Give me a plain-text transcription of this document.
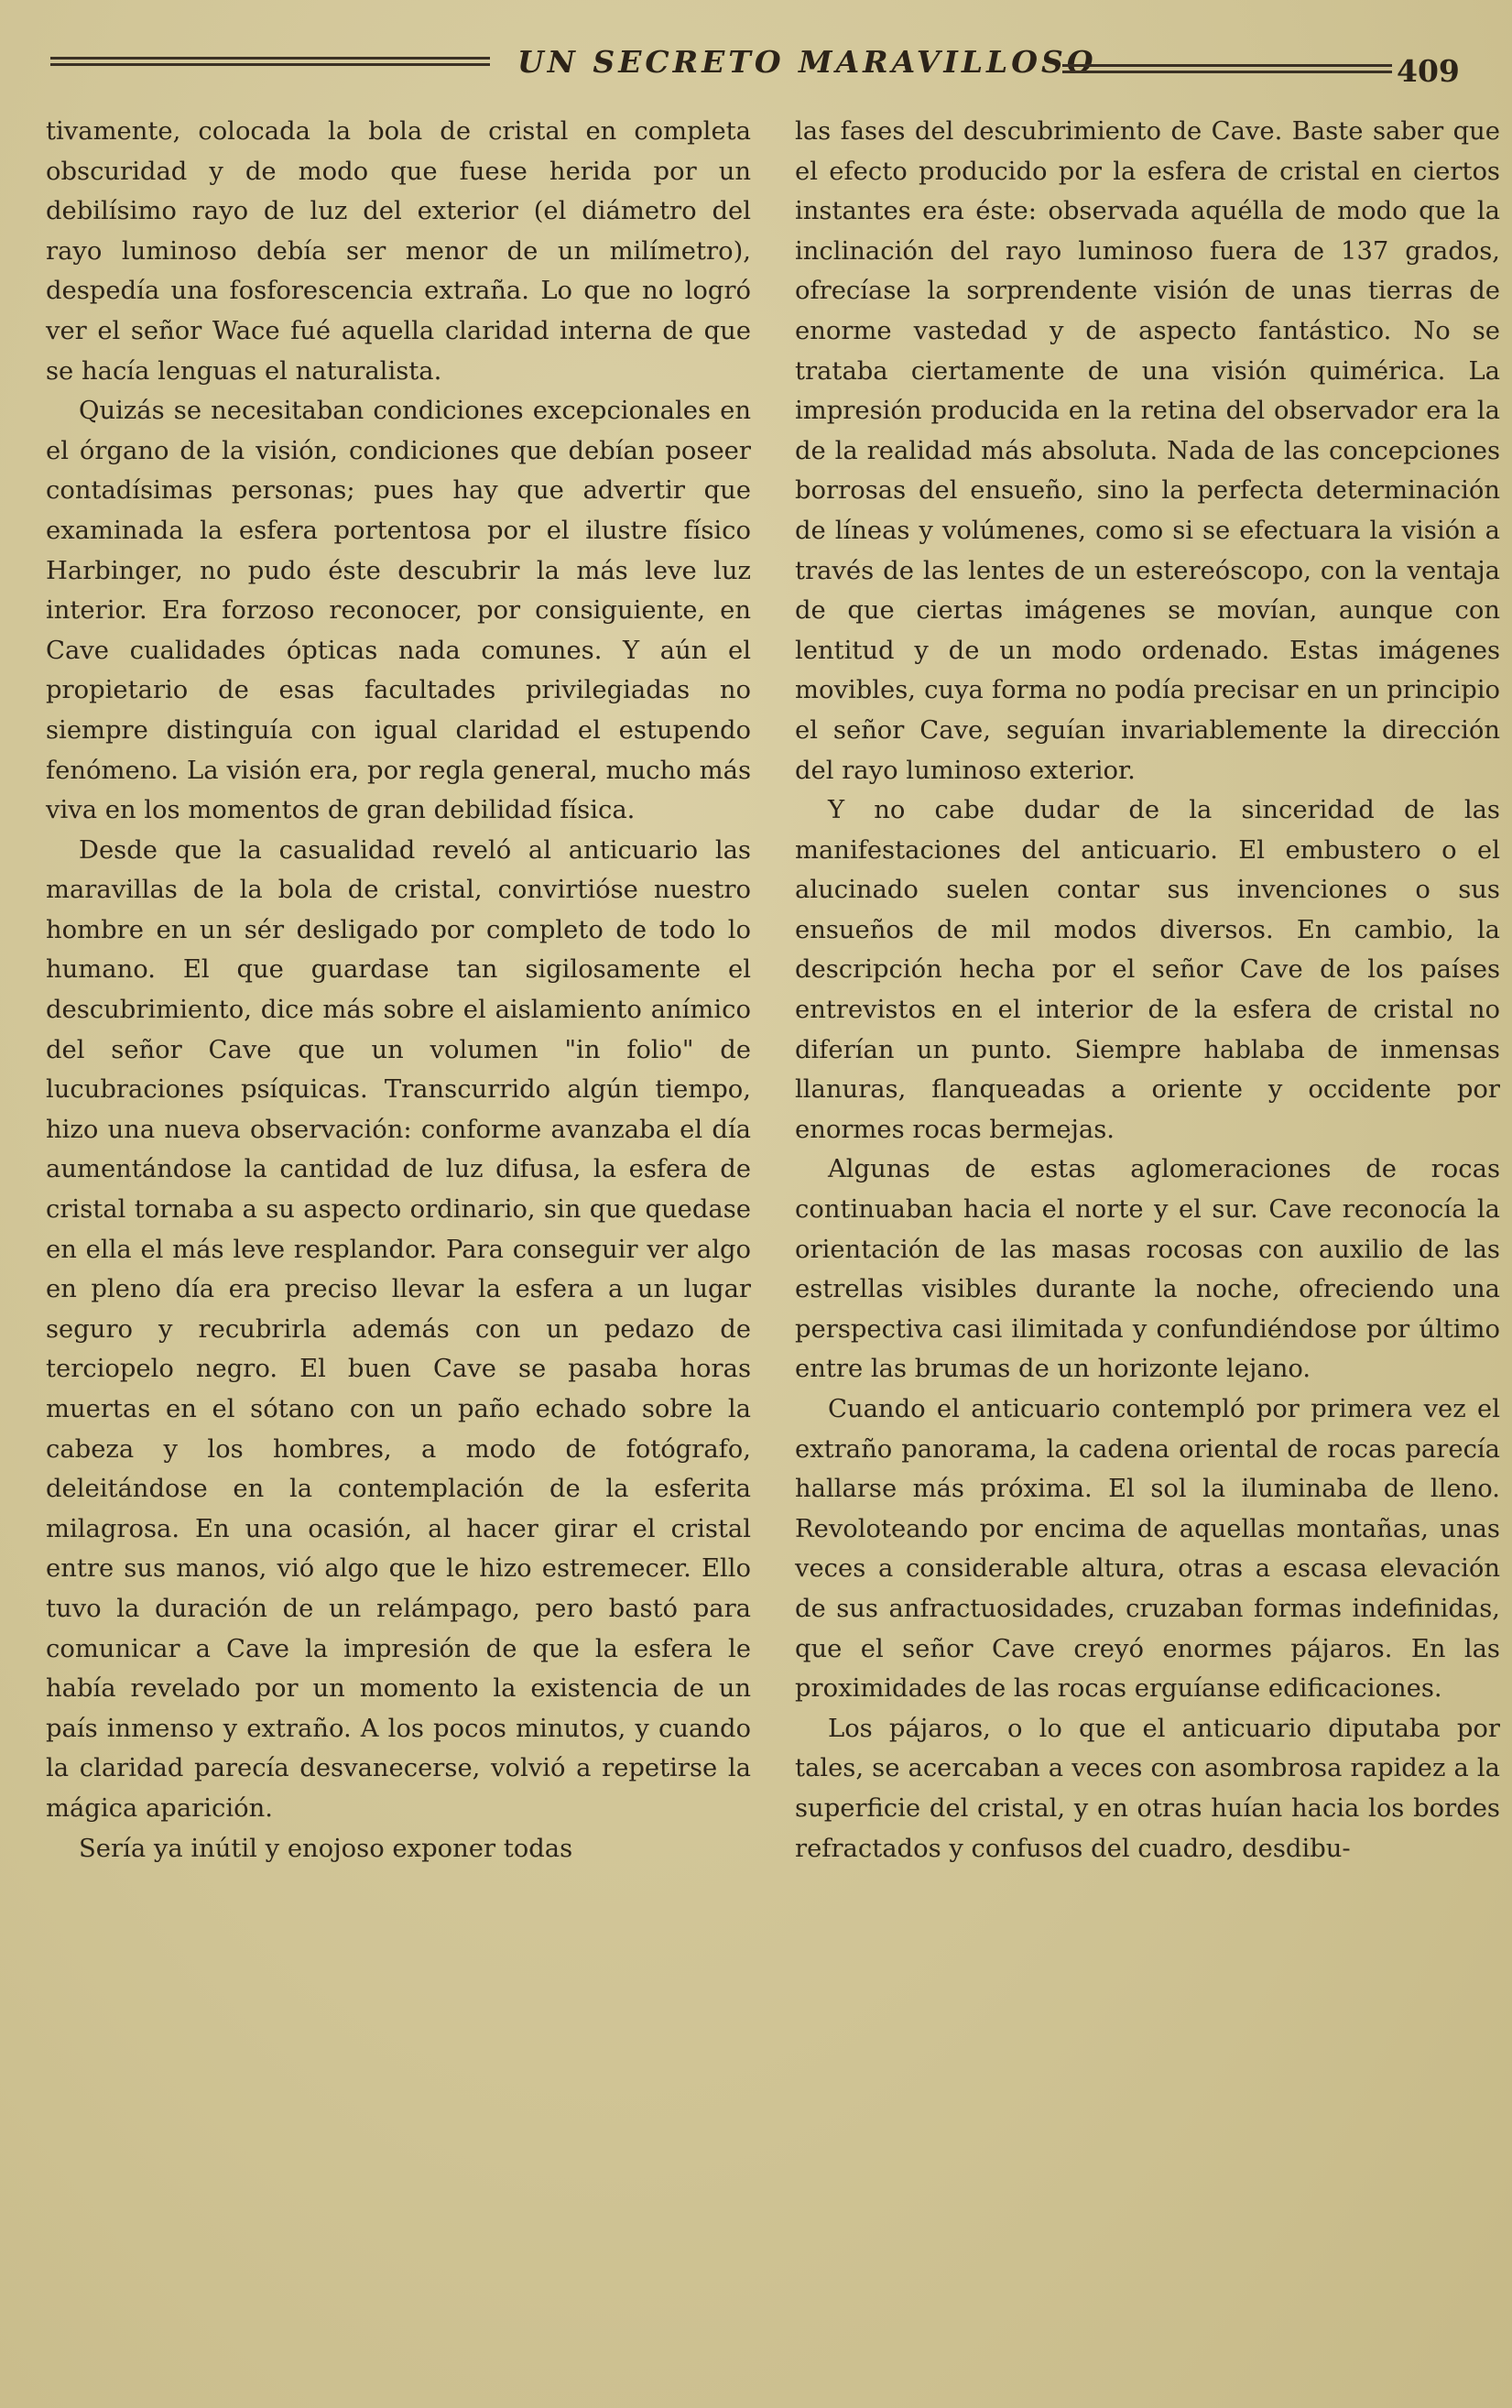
UN SECRETO MARAVILLOSO	409

tivamente, colocada la bola de cristal en completa obscuridad y de modo que fuese herida por un debilísimo rayo de luz del exterior (el diámetro del rayo luminoso debía ser menor de un milímetro), despedía una fosforescencia extraña. Lo que no logró ver el señor Wace fué aquella claridad interna de que se hacía lenguas el naturalista.

Quizás se necesitaban condiciones excepcionales en el órgano de la visión, condiciones que debían poseer contadísimas personas; pues hay que advertir que examinada la esfera portentosa por el ilustre físico Harbinger, no pudo éste descubrir la más leve luz interior. Era forzoso reconocer, por consiguiente, en Cave cualidades ópticas nada comunes. Y aún el propietario de esas facultades privilegiadas no siempre distinguía con igual claridad el estupendo fenómeno. La visión era, por regla general, mucho más viva en los momentos de gran debilidad física.

Desde que la casualidad reveló al anticuario las maravillas de la bola de cristal, convirtióse nuestro hombre en un sér desligado por completo de todo lo humano. El que guardase tan sigilosamente el descubrimiento, dice más sobre el aislamiento anímico del señor Cave que un volumen "in folio" de lucubraciones psíquicas. Transcurrido algún tiempo, hizo una nueva observación: conforme avanzaba el día aumentándose la cantidad de luz difusa, la esfera de cristal tornaba a su aspecto ordinario, sin que quedase en ella el más leve resplandor. Para conseguir ver algo en pleno día era preciso llevar la esfera a un lugar seguro y recubrirla además con un pedazo de terciopelo negro. El buen Cave se pasaba horas muertas en el sótano con un paño echado sobre la cabeza y los hombres, a modo de fotógrafo, deleitándose en la contemplación de la esferita milagrosa. En una ocasión, al hacer girar el cristal entre sus manos, vió algo que le hizo estremecer. Ello tuvo la duración de un relámpago, pero bastó para comunicar a Cave la impresión de que la esfera le había revelado por un momento la existencia de un país inmenso y extraño. A los pocos minutos, y cuando la claridad parecía desvanecerse, volvió a repetirse la mágica aparición.

Sería ya inútil y enojoso exponer todas

las fases del descubrimiento de Cave. Baste saber que el efecto producido por la esfera de cristal en ciertos instantes era éste: observada aquélla de modo que la inclinación del rayo luminoso fuera de 137 grados, ofrecíase la sorprendente visión de unas tierras de enorme vastedad y de aspecto fantástico. No se trataba ciertamente de una visión quimérica. La impresión producida en la retina del observador era la de la realidad más absoluta. Nada de las concepciones borrosas del ensueño, sino la perfecta determinación de líneas y volúmenes, como si se efectuara la visión a través de las lentes de un estereóscopo, con la ventaja de que ciertas imágenes se movían, aunque con lentitud y de un modo ordenado. Estas imágenes movibles, cuya forma no podía precisar en un principio el señor Cave, seguían invariablemente la dirección del rayo luminoso exterior.

Y no cabe dudar de la sinceridad de las manifestaciones del anticuario. El embustero o el alucinado suelen contar sus invenciones o sus ensueños de mil modos diversos. En cambio, la descripción hecha por el señor Cave de los países entrevistos en el interior de la esfera de cristal no diferían un punto. Siempre hablaba de inmensas llanuras, flanqueadas a oriente y occidente por enormes rocas bermejas.

Algunas de estas aglomeraciones de rocas continuaban hacia el norte y el sur. Cave reconocía la orientación de las masas rocosas con auxilio de las estrellas visibles durante la noche, ofreciendo una perspectiva casi ilimitada y confundiéndose por último entre las brumas de un horizonte lejano.

Cuando el anticuario contempló por primera vez el extraño panorama, la cadena oriental de rocas parecía hallarse más próxima. El sol la iluminaba de lleno. Revoloteando por encima de aquellas montañas, unas veces a considerable altura, otras a escasa elevación de sus anfractuosidades, cruzaban formas indefinidas, que el señor Cave creyó enormes pájaros. En las proximidades de las rocas erguíanse edificaciones.

Los pájaros, o lo que el anticuario diputaba por tales, se acercaban a veces con asombrosa rapidez a la superficie del cristal, y en otras huían hacia los bordes refractados y confusos del cuadro, desdibu-
